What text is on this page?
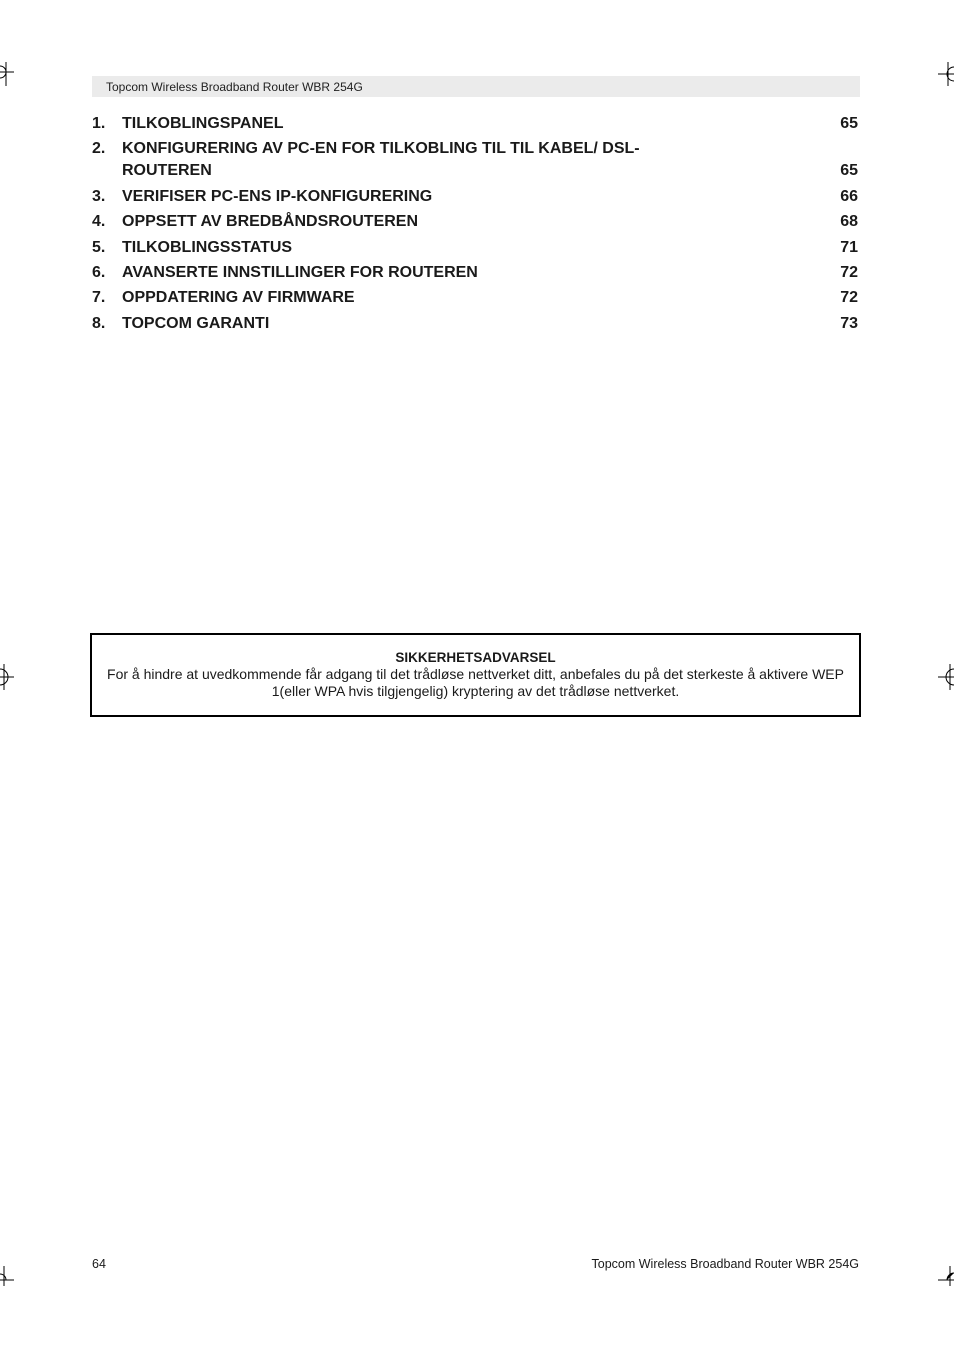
Topcom Wireless Broadband Router WBR 254G
1. TILKOBLINGSPANEL	65
2. KONFIGURERING AV PC-EN FOR TILKOBLING TIL TIL KABEL/ DSL-ROUTEREN	65
3. VERIFISER PC-ENS IP-KONFIGURERING	66
4. OPPSETT AV BREDBÅNDSROUTEREN	68
5. TILKOBLINGSSTATUS	71
6. AVANSERTE INNSTILLINGER FOR ROUTEREN	72
7. OPPDATERING AV FIRMWARE	72
8. TOPCOM GARANTI	73
SIKKERHETSADVARSEL
For å hindre at uvedkommende får adgang til det trådløse nettverket ditt, anbefales du på det sterkeste å aktivere WEP 1(eller WPA hvis tilgjengelig) kryptering av det trådløse nettverket.
64	Topcom Wireless Broadband Router WBR 254G
